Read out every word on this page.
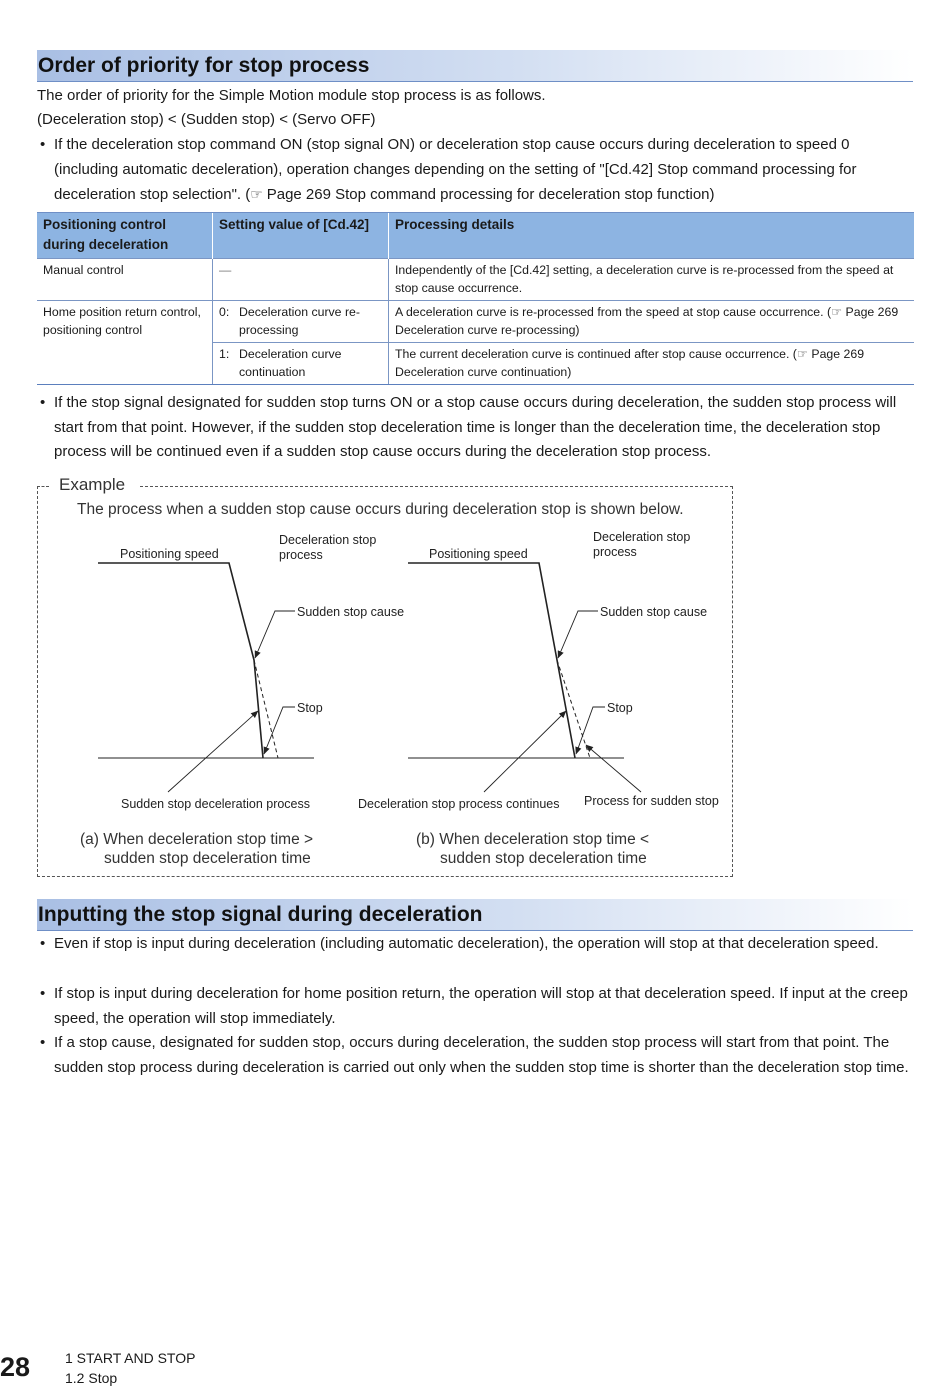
Order of priority for stop process
The order of priority for the Simple Motion module stop process is as follows.
(Deceleration stop) < (Sudden stop) < (Servo OFF)
• If the deceleration stop command ON (stop signal ON) or deceleration stop cause occurs during deceleration to speed 0 (including automatic deceleration), operation changes depending on the setting of "[Cd.42] Stop command processing for deceleration stop selection". (☞ Page 269 Stop command processing for deceleration stop function)
Positioning control during deceleration	Setting value of [Cd.42]	Processing details
Manual control	—	Independently of the [Cd.42] setting, a deceleration curve is re-processed from the speed at stop cause occurrence.
Home position return control, positioning control	0: Deceleration curve re-processing	A deceleration curve is re-processed from the speed at stop cause occurrence. (☞ Page 269 Deceleration curve re-processing)

	1: Deceleration curve continuation	The current deceleration curve is continued after stop cause occurrence. (☞ Page 269 Deceleration curve continuation)
• If the stop signal designated for sudden stop turns ON or a stop cause occurs during deceleration, the sudden stop process will start from that point. However, if the sudden stop deceleration time is longer than the deceleration time, the deceleration stop process will be continued even if a sudden stop cause occurs during the deceleration stop process.
Example
The process when a sudden stop cause occurs during deceleration stop is shown below.
Positioning speed
Deceleration stop process
Sudden stop cause
Stop
Sudden stop deceleration process
(a) When deceleration stop time >
sudden stop deceleration time
Positioning speed
Deceleration stop process
Sudden stop cause
Stop
Deceleration stop process continues Process for sudden stop
(b) When deceleration stop time <
sudden stop deceleration time
Inputting the stop signal during deceleration
• Even if stop is input during deceleration (including automatic deceleration), the operation will stop at that deceleration speed.
• If stop is input during deceleration for home position return, the operation will stop at that deceleration speed. If input at the creep speed, the operation will stop immediately.
• If a stop cause, designated for sudden stop, occurs during deceleration, the sudden stop process will start from that point. The sudden stop process during deceleration is carried out only when the sudden stop time is shorter than the deceleration stop time.
28 1 START AND STOP
1.2 Stop
